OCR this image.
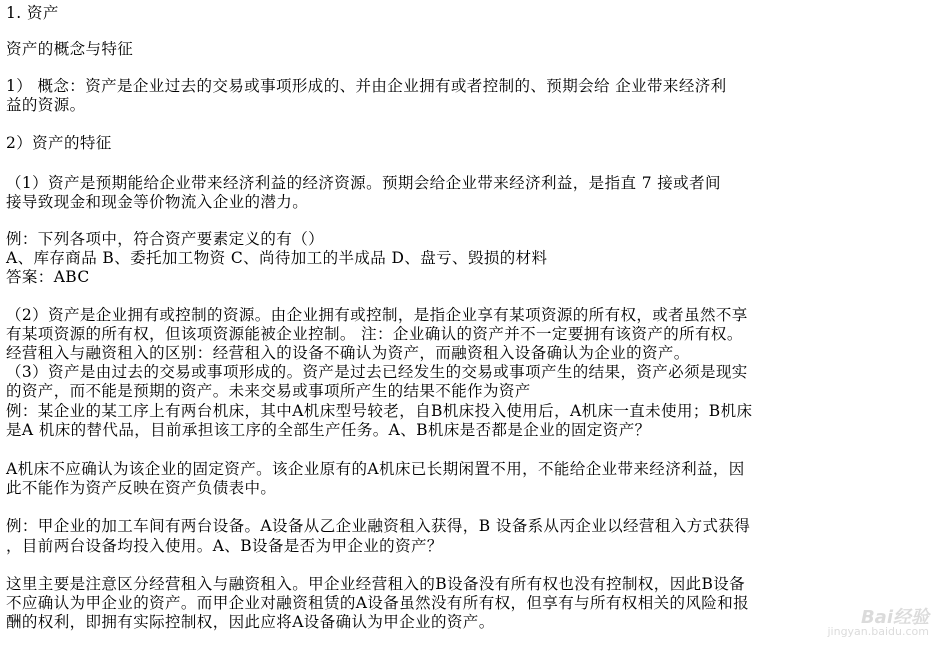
1. 资产
资产的概念与特征
1） 概念：资产是企业过去的交易或事项形成的、并由企业拥有或者控制的、预期会给 企业带来经济利
益的资源。
2）资产的特征
（1）资产是预期能给企业带来经济利益的经济资源。预期会给企业带来经济利益，是指直 7 接或者间
接导致现金和现金等价物流入企业的潜力。
例：下列各项中，符合资产要素定义的有（）
A、库存商品 B、委托加工物资 C、尚待加工的半成品 D、盘亏、毁损的材料
答案：ABC
（2）资产是企业拥有或控制的资源。由企业拥有或控制，是指企业享有某项资源的所有权，或者虽然不享
有某项资源的所有权，但该项资源能被企业控制。 注：企业确认的资产并不一定要拥有该资产的所有权。
经营租入与融资租入的区别：经营租入的设备不确认为资产，而融资租入设备确认为企业的资产。
（3）资产是由过去的交易或事项形成的。资产是过去已经发生的交易或事项产生的结果，资产必须是现实
的资产，而不能是预期的资产。未来交易或事项所产生的结果不能作为资产
例：某企业的某工序上有两台机床，其中A机床型号较老，自B机床投入使用后，A机床一直未使用；B机床
是A 机床的替代品，目前承担该工序的全部生产任务。A、B机床是否都是企业的固定资产？
A机床不应确认为该企业的固定资产。该企业原有的A机床已长期闲置不用，不能给企业带来经济利益，因
此不能作为资产反映在资产负债表中。
例：甲企业的加工车间有两台设备。A设备从乙企业融资租入获得，B 设备系从丙企业以经营租入方式获得
，目前两台设备均投入使用。A、B设备是否为甲企业的资产？
这里主要是注意区分经营租入与融资租入。甲企业经营租入的B设备没有所有权也没有控制权，因此B设备
不应确认为甲企业的资产。而甲企业对融资租赁的A设备虽然没有所有权，但享有与所有权相关的风险和报
酬的权利，即拥有实际控制权，因此应将A设备确认为甲企业的资产。	Bai经验
jingyan.baidu.com
